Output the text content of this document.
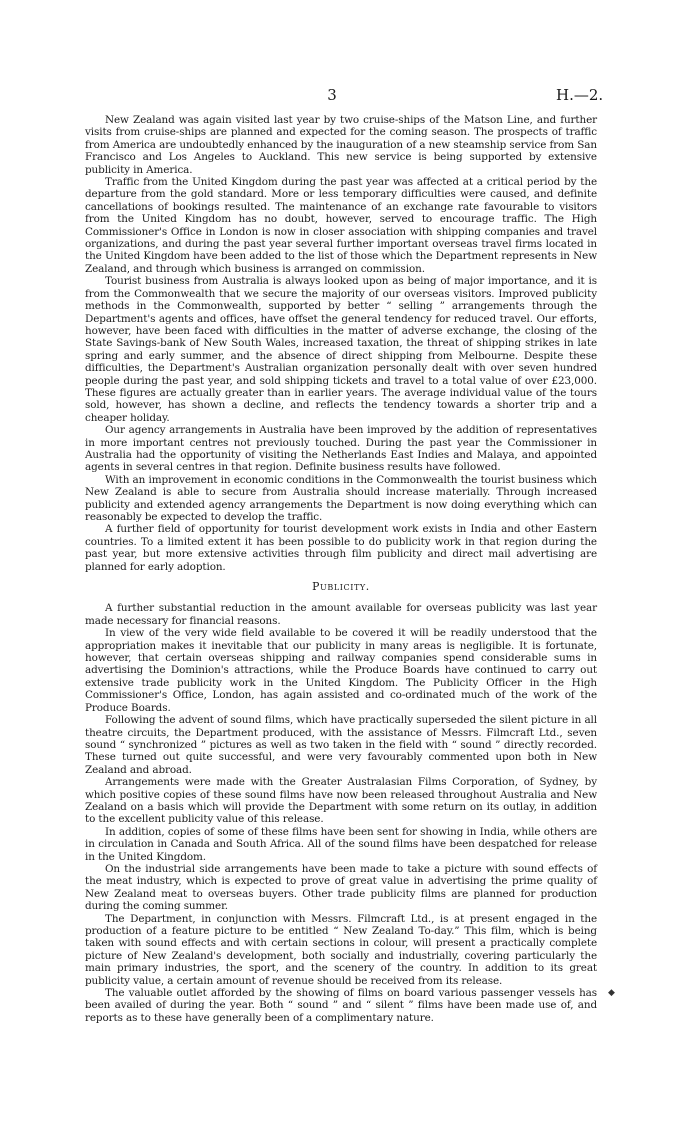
3	H.—2.

New Zealand was again visited last year by two cruise-ships of the Matson Line, and further visits from cruise-ships are planned and expected for the coming season. The prospects of traffic from America are undoubtedly enhanced by the inauguration of a new steamship service from San Francisco and Los Angeles to Auckland. This new service is being supported by extensive publicity in America.

Traffic from the United Kingdom during the past year was affected at a critical period by the departure from the gold standard. More or less temporary difficulties were caused, and definite cancellations of bookings resulted. The maintenance of an exchange rate favourable to visitors from the United Kingdom has no doubt, however, served to encourage traffic. The High Commissioner's Office in London is now in closer association with shipping companies and travel organizations, and during the past year several further important overseas travel firms located in the United Kingdom have been added to the list of those which the Department represents in New Zealand, and through which business is arranged on commission.

Tourist business from Australia is always looked upon as being of major importance, and it is from the Commonwealth that we secure the majority of our overseas visitors. Improved publicity methods in the Commonwealth, supported by better “ selling ” arrangements through the Department's agents and offices, have offset the general tendency for reduced travel. Our efforts, however, have been faced with difficulties in the matter of adverse exchange, the closing of the State Savings-bank of New South Wales, increased taxation, the threat of shipping strikes in late spring and early summer, and the absence of direct shipping from Melbourne. Despite these difficulties, the Department's Australian organization personally dealt with over seven hundred people during the past year, and sold shipping tickets and travel to a total value of over £23,000. These figures are actually greater than in earlier years. The average individual value of the tours sold, however, has shown a decline, and reflects the tendency towards a shorter trip and a cheaper holiday.

Our agency arrangements in Australia have been improved by the addition of representatives in more important centres not previously touched. During the past year the Commissioner in Australia had the opportunity of visiting the Netherlands East Indies and Malaya, and appointed agents in several centres in that region. Definite business results have followed.

With an improvement in economic conditions in the Commonwealth the tourist business which New Zealand is able to secure from Australia should increase materially. Through increased publicity and extended agency arrangements the Department is now doing everything which can reasonably be expected to develop the traffic.

A further field of opportunity for tourist development work exists in India and other Eastern countries. To a limited extent it has been possible to do publicity work in that region during the past year, but more extensive activities through film publicity and direct mail advertising are planned for early adoption.

Publicity.

A further substantial reduction in the amount available for overseas publicity was last year made necessary for financial reasons.

In view of the very wide field available to be covered it will be readily understood that the appropriation makes it inevitable that our publicity in many areas is negligible. It is fortunate, however, that certain overseas shipping and railway companies spend considerable sums in advertising the Dominion's attractions, while the Produce Boards have continued to carry out extensive trade publicity work in the United Kingdom. The Publicity Officer in the High Commissioner's Office, London, has again assisted and co-ordinated much of the work of the Produce Boards.

Following the advent of sound films, which have practically superseded the silent picture in all theatre circuits, the Department produced, with the assistance of Messrs. Filmcraft Ltd., seven sound “ synchronized ” pictures as well as two taken in the field with “ sound ” directly recorded. These turned out quite successful, and were very favourably commented upon both in New Zealand and abroad.

Arrangements were made with the Greater Australasian Films Corporation, of Sydney, by which positive copies of these sound films have now been released throughout Australia and New Zealand on a basis which will provide the Department with some return on its outlay, in addition to the excellent publicity value of this release.

In addition, copies of some of these films have been sent for showing in India, while others are in circulation in Canada and South Africa. All of the sound films have been despatched for release in the United Kingdom.

On the industrial side arrangements have been made to take a picture with sound effects of the meat industry, which is expected to prove of great value in advertising the prime quality of New Zealand meat to overseas buyers. Other trade publicity films are planned for production during the coming summer.

The Department, in conjunction with Messrs. Filmcraft Ltd., is at present engaged in the production of a feature picture to be entitled “ New Zealand To-day.” This film, which is being taken with sound effects and with certain sections in colour, will present a practically complete picture of New Zealand's development, both socially and industrially, covering particularly the main primary industries, the sport, and the scenery of the country. In addition to its great publicity value, a certain amount of revenue should be received from its release.

The valuable outlet afforded by the showing of films on board various passenger vessels has been availed of during the year. Both “ sound ” and “ silent ” films have been made use of, and reports as to these have generally been of a complimentary nature.

◆
